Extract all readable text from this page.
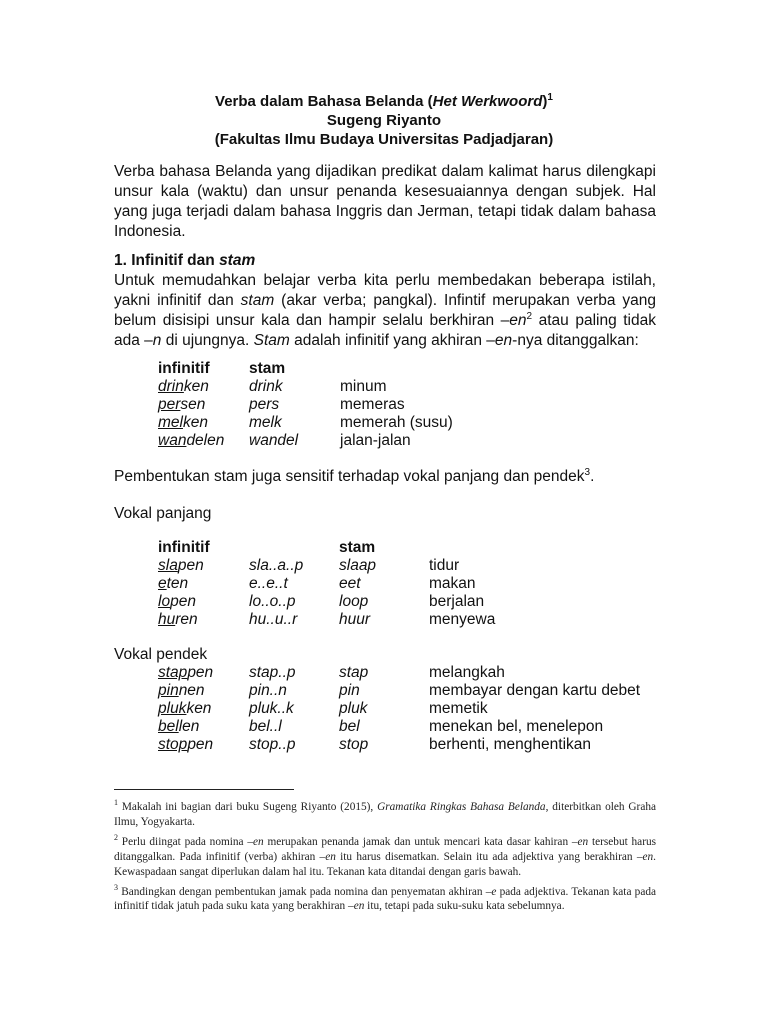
Verba dalam Bahasa Belanda (Het Werkwoord)$^1$
Sugeng Riyanto
(Fakultas Ilmu Budaya Universitas Padjadjaran)
Verba bahasa Belanda yang dijadikan predikat dalam kalimat harus dilengkapi unsur kala (waktu) dan unsur penanda kesesuaiannya dengan subjek. Hal yang juga terjadi dalam bahasa Inggris dan Jerman, tetapi tidak dalam bahasa Indonesia.
1. Infinitif dan stam
Untuk memudahkan belajar verba kita perlu membedakan beberapa istilah, yakni infinitif dan stam (akar verba; pangkal). Infintif merupakan verba yang belum disisipi unsur kala dan hampir selalu berkhiran –en$^2$ atau paling tidak ada –n di ujungnya. Stam adalah infinitif yang akhiran –en-nya ditanggalkan:
infinitif	stam
drinken	drink	minum
persen	pers	memeras
melken	melk	memerah (susu)
wandelen wandel	jalan-jalan
Pembentukan stam juga sensitif terhadap vokal panjang dan pendek$^3$.
Vokal panjang
infinitif	stam
slapen	sla..a..p slaap	tidur
eten	e..e..t	eet	makan
lopen	lo..o..p	loop	berjalan
huren	hu..u..r	huur	menyewa
Vokal pendek
stappen stap..p	stap	melangkah
pinnen	pin..n	pin	membayar dengan kartu debet
plukken pluk..k	pluk	memetik
bellen	bel..l	bel	menekan bel, menelepon
stoppen stop..p	stop	berhenti, menghentikan

$^1$ Makalah ini bagian dari buku Sugeng Riyanto (2015), Gramatika Ringkas Bahasa Belanda, diterbitkan oleh Graha Ilmu, Yogyakarta.

$^2$ Perlu diingat pada nomina –en merupakan penanda jamak dan untuk mencari kata dasar kahiran –en tersebut harus ditanggalkan. Pada infinitif (verba) akhiran –en itu harus disematkan. Selain itu ada adjektiva yang berakhiran –en. Kewaspadaan sangat diperlukan dalam hal itu. Tekanan kata ditandai dengan garis bawah.

$^3$ Bandingkan dengan pembentukan jamak pada nomina dan penyematan akhiran –e pada adjektiva. Tekanan kata pada infinitif tidak jatuh pada suku kata yang berakhiran –en itu, tetapi pada suku-suku kata sebelumnya.
